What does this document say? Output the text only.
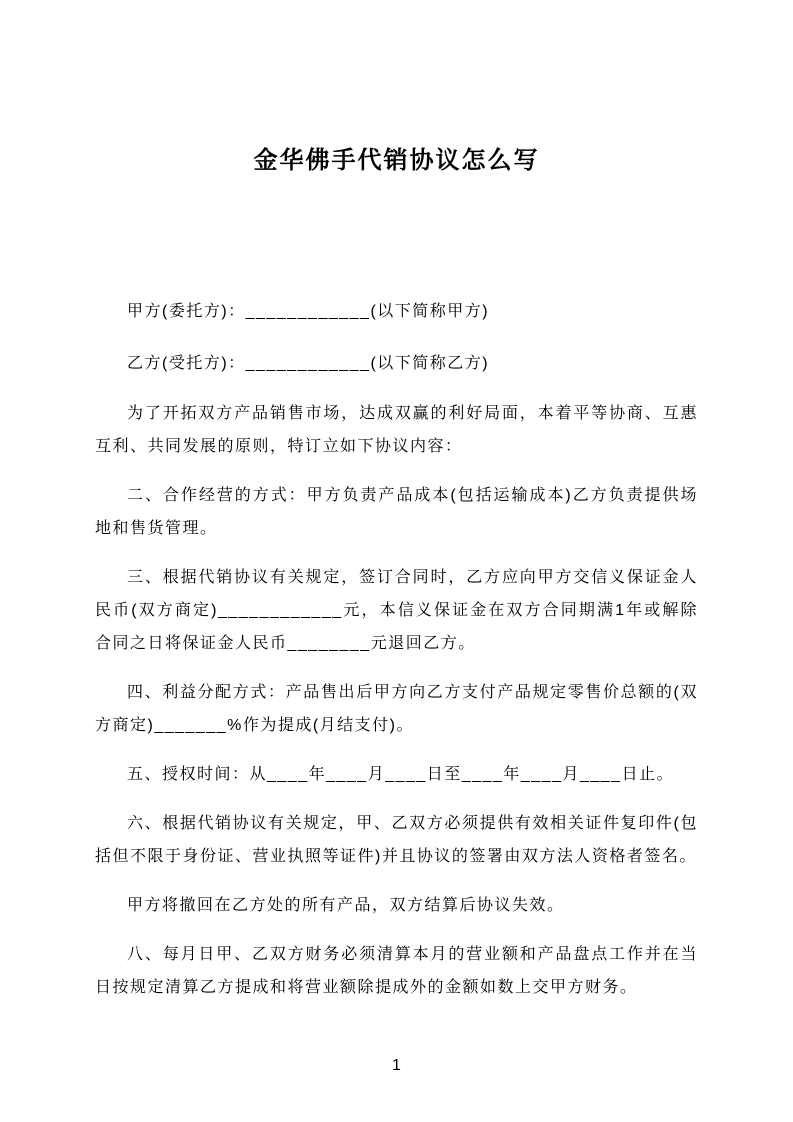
金华佛手代销协议怎么写

甲方(委托方)：____________(以下简称甲方)

乙方(受托方)：____________(以下简称乙方)

为了开拓双方产品销售市场，达成双赢的利好局面，本着平等协商、互惠互利、共同发展的原则，特订立如下协议内容：

二、合作经营的方式：甲方负责产品成本(包括运输成本)乙方负责提供场地和售货管理。

三、根据代销协议有关规定，签订合同时，乙方应向甲方交信义保证金人民币(双方商定)____________元，本信义保证金在双方合同期满1年或解除合同之日将保证金人民币________元退回乙方。

四、利益分配方式：产品售出后甲方向乙方支付产品规定零售价总额的(双方商定)_______%作为提成(月结支付)。

五、授权时间：从____年____月____日至____年____月____日止。

六、根据代销协议有关规定，甲、乙双方必须提供有效相关证件复印件(包括但不限于身份证、营业执照等证件)并且协议的签署由双方法人资格者签名。

甲方将撤回在乙方处的所有产品，双方结算后协议失效。

八、每月日甲、乙双方财务必须清算本月的营业额和产品盘点工作并在当日按规定清算乙方提成和将营业额除提成外的金额如数上交甲方财务。

1
